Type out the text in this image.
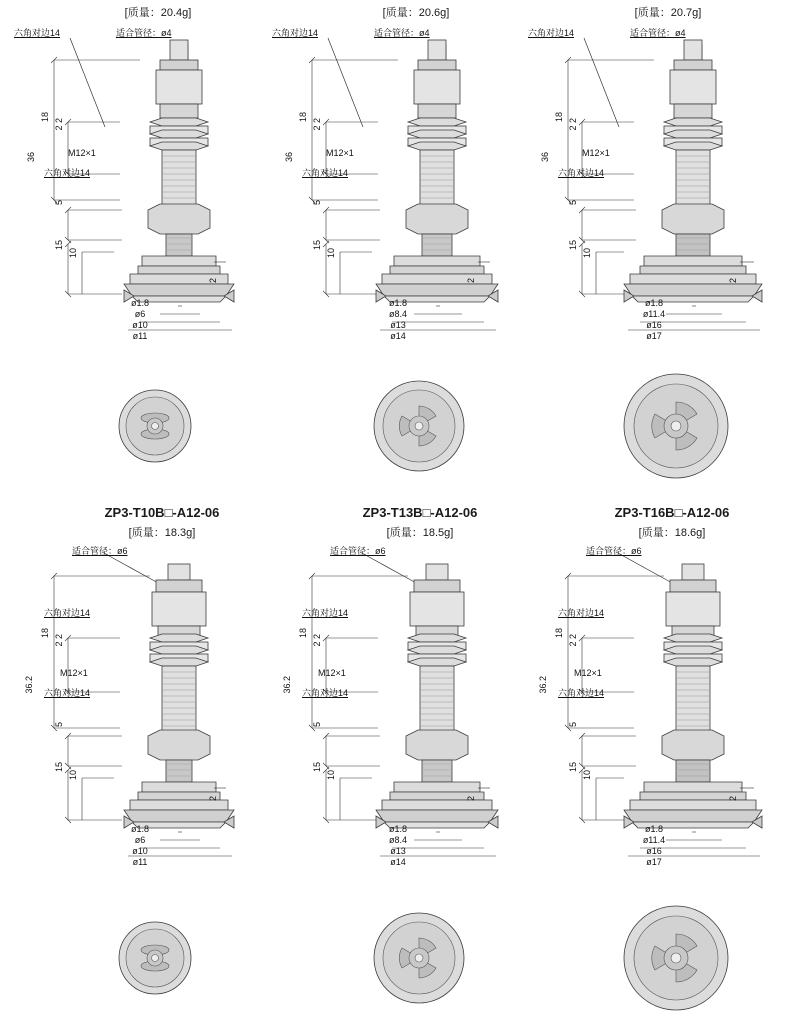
[质量：20.4g]
六角对边14	适合管径：ø4
M12×1
六角对边14
36
18
2 2
5
15
10
2
ø1.8
ø6
ø10
ø11
[质量：20.6g]
六角对边14	适合管径：ø4
M12×1
六角对边14
36
18
2 2
5
15
10
2
ø1.8
ø8.4
ø13
ø14
[质量：20.7g]
六角对边14	适合管径：ø4
M12×1
六角对边14
36
18
2 2
5
15
10
2
ø1.8
ø11.4
ø16
ø17
ZP3-T10B□-A12-06
[质量：18.3g]
适合管径：ø6
六角对边14
M12×1
六角对边14
36.2
18
2 2
5
15
10
2
ø1.8
ø6
ø10
ø11
ZP3-T13B□-A12-06
[质量：18.5g]
适合管径：ø6
六角对边14
M12×1
六角对边14
36.2
18
2 2
5
15
10
2
ø1.8
ø8.4
ø13
ø14
ZP3-T16B□-A12-06
[质量：18.6g]
适合管径：ø6
六角对边14
M12×1
六角对边14
36.2
18
2 2
5
15
10
2
ø1.8
ø11.4
ø16
ø17
